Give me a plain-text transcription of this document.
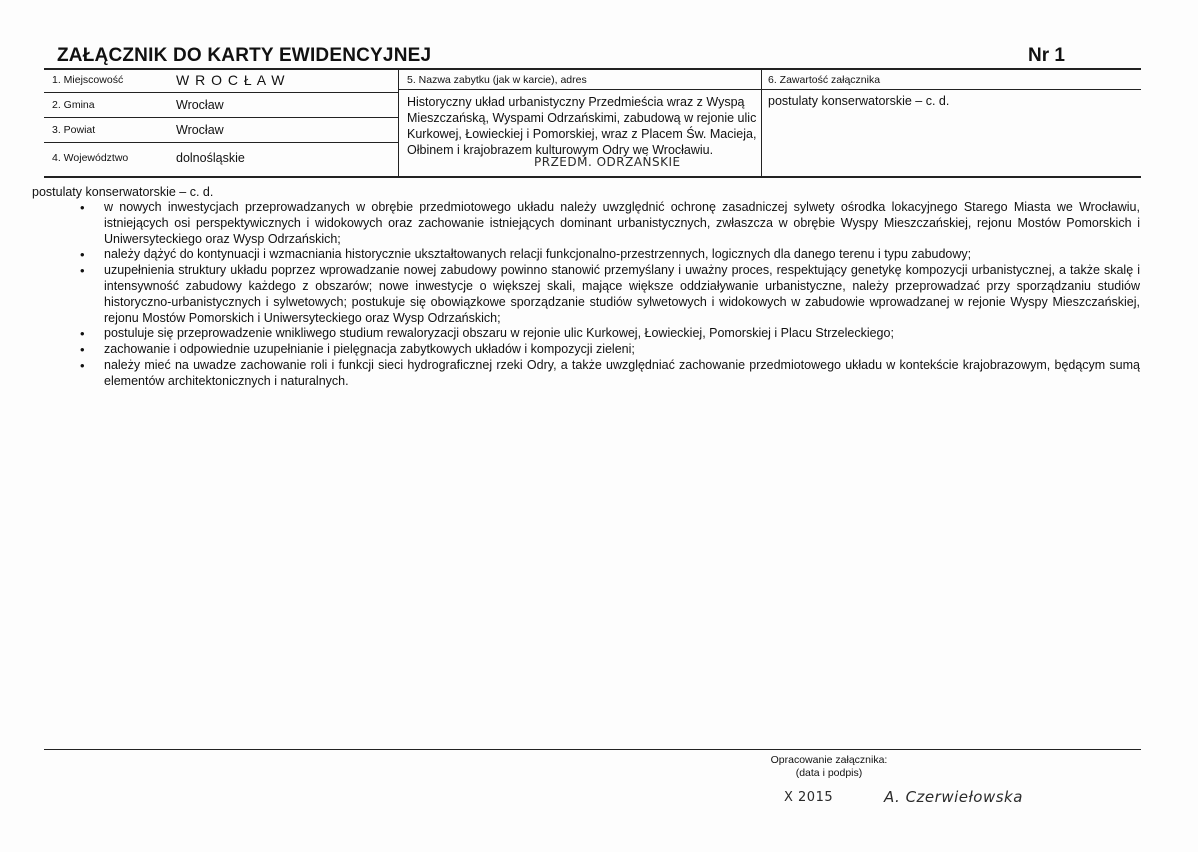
ZAŁĄCZNIK DO KARTY EWIDENCYJNEJ	Nr 1
1. Miejscowość	W R O C Ł A W
2. Gmina	Wrocław
3. Powiat	Wrocław
4. Województwo	dolnośląskie
5. Nazwa zabytku (jak w karcie), adres
Historyczny układ urbanistyczny Przedmieścia wraz z Wyspą Mieszczańską, Wyspami Odrzańskimi, zabudową w rejonie ulic Kurkowej, Łowieckiej i Pomorskiej, wraz z Placem Św. Macieja, Ołbinem i krajobrazem kulturowym Odry we Wrocławiu.
PRZEDM. ODRZAŃSKIE
6. Zawartość załącznika
postulaty konserwatorskie – c. d.
postulaty konserwatorskie – c. d.
• w nowych inwestycjach przeprowadzanych w obrębie przedmiotowego układu należy uwzględnić ochronę zasadniczej sylwety ośrodka lokacyjnego Starego Miasta we Wrocławiu, istniejących osi perspektywicznych i widokowych oraz zachowanie istniejących dominant urbanistycznych, zwłaszcza w obrębie Wyspy Mieszczańskiej, rejonu Mostów Pomorskich i Uniwersyteckiego oraz Wysp Odrzańskich;
• należy dążyć do kontynuacji i wzmacniania historycznie ukształtowanych relacji funkcjonalno-przestrzennych, logicznych dla danego terenu i typu zabudowy;
• uzupełnienia struktury układu poprzez wprowadzanie nowej zabudowy powinno stanowić przemyślany i uważny proces, respektujący genetykę kompozycji urbanistycznej, a także skalę i intensywność zabudowy każdego z obszarów; nowe inwestycje o większej skali, mające większe oddziaływanie urbanistyczne, należy przeprowadzać przy sporządzaniu studiów historyczno-urbanistycznych i sylwetowych; postukuje się obowiązkowe sporządzanie studiów sylwetowych i widokowych w zabudowie wprowadzanej w rejonie Wyspy Mieszczańskiej, rejonu Mostów Pomorskich i Uniwersyteckiego oraz Wysp Odrzańskich;
• postuluje się przeprowadzenie wnikliwego studium rewaloryzacji obszaru w rejonie ulic Kurkowej, Łowieckiej, Pomorskiej i Placu Strzeleckiego;
• zachowanie i odpowiednie uzupełnianie i pielęgnacja zabytkowych układów i kompozycji zieleni;
• należy mieć na uwadze zachowanie roli i funkcji sieci hydrograficznej rzeki Odry, a także uwzględniać zachowanie przedmiotowego układu w kontekście krajobrazowym, będącym sumą elementów architektonicznych i naturalnych.
Opracowanie załącznika:
(data i podpis)
X 2015	A. Czerwiełowska
